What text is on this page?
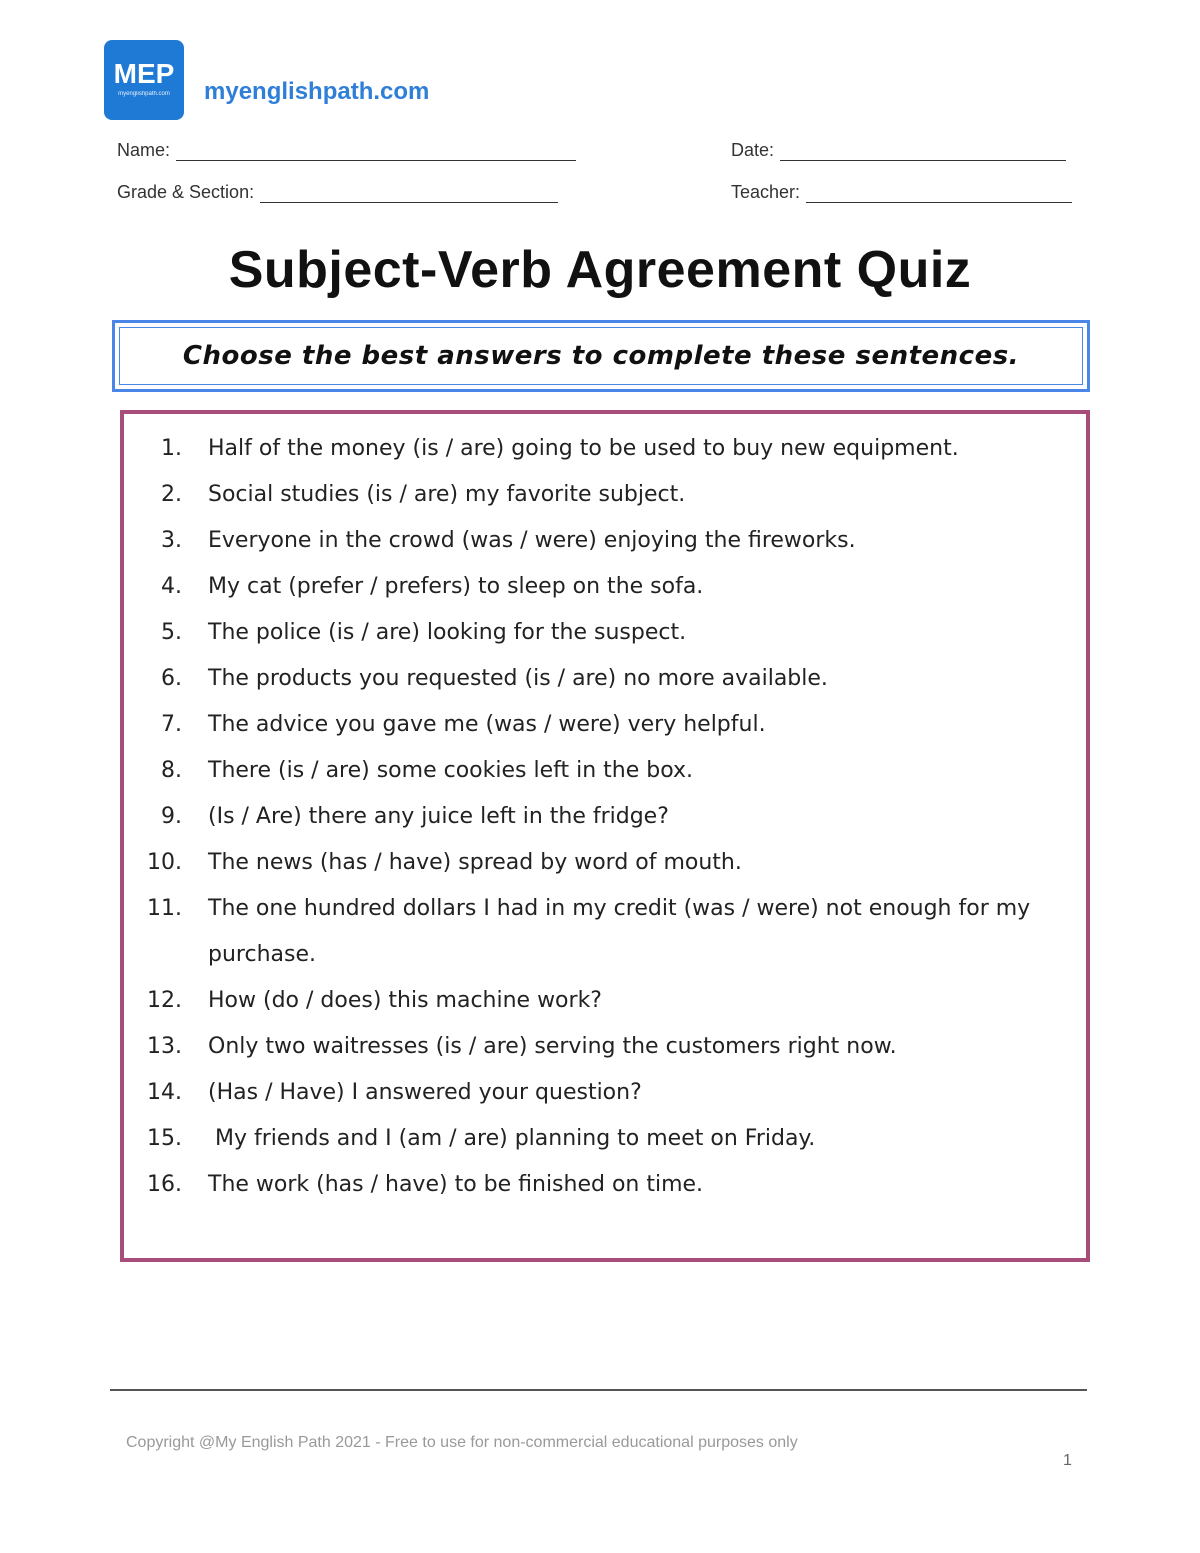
MEP
myenglishpath.com	myenglishpath.com
Name:	Date:
Grade & Section:	Teacher:
Subject-Verb Agreement Quiz
Choose the best answers to complete these sentences.
1. Half of the money (is / are) going to be used to buy new equipment.
2. Social studies (is / are) my favorite subject.
3. Everyone in the crowd (was / were) enjoying the fireworks.
4. My cat (prefer / prefers) to sleep on the sofa.
5. The police (is / are) looking for the suspect.
6. The products you requested (is / are) no more available.
7. The advice you gave me (was / were) very helpful.
8. There (is / are) some cookies left in the box.
9. (Is / Are) there any juice left in the fridge?
10. The news (has / have) spread by word of mouth.
11. The one hundred dollars I had in my credit (was / were) not enough for my purchase.
12. How (do / does) this machine work?
13. Only two waitresses (is / are) serving the customers right now.
14. (Has / Have) I answered your question?
15. My friends and I (am / are) planning to meet on Friday.
16. The work (has / have) to be finished on time.
Copyright @My English Path 2021 - Free to use for non-commercial educational purposes only
1
